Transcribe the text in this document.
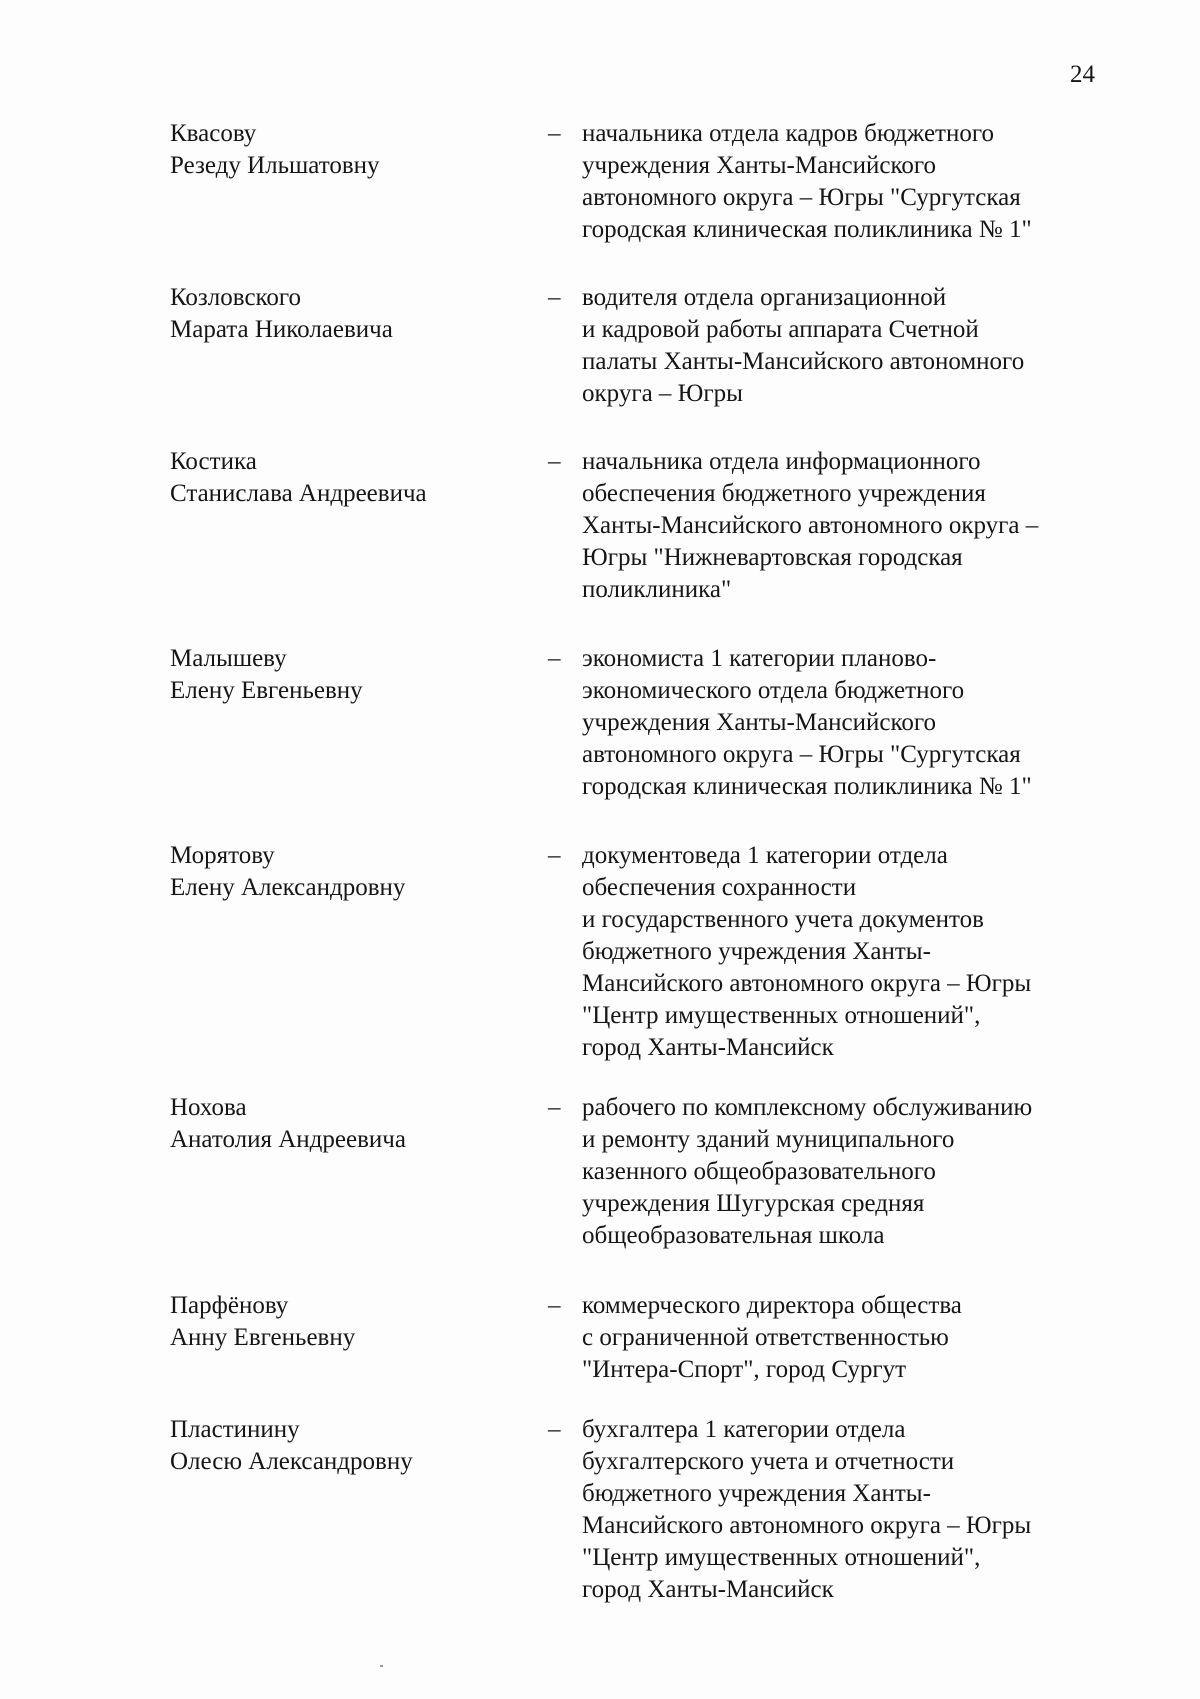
24
Квасову
Резеду Ильшатовну
– начальника отдела кадров бюджетного
учреждения Ханты-Мансийского
автономного округа – Югры "Сургутская
городская клиническая поликлиника № 1"
Козловского
Марата Николаевича
– водителя отдела организационной
и кадровой работы аппарата Счетной
палаты Ханты-Мансийского автономного
округа – Югры
Костика
Станислава Андреевича
– начальника отдела информационного
обеспечения бюджетного учреждения
Ханты-Мансийского автономного округа –
Югры "Нижневартовская городская
поликлиника"
Малышеву
Елену Евгеньевну
– экономиста 1 категории планово-
экономического отдела бюджетного
учреждения Ханты-Мансийского
автономного округа – Югры "Сургутская
городская клиническая поликлиника № 1"
Морятову
Елену Александровну
– документоведа 1 категории отдела
обеспечения сохранности
и государственного учета документов
бюджетного учреждения Ханты-
Мансийского автономного округа – Югры
"Центр имущественных отношений",
город Ханты-Мансийск
Нохова
Анатолия Андреевича
– рабочего по комплексному обслуживанию
и ремонту зданий муниципального
казенного общеобразовательного
учреждения Шугурская средняя
общеобразовательная школа
Парфёнову
Анну Евгеньевну
– коммерческого директора общества
с ограниченной ответственностью
"Интера-Спорт", город Сургут
Пластинину
Олесю Александровну
– бухгалтера 1 категории отдела
бухгалтерского учета и отчетности
бюджетного учреждения Ханты-
Мансийского автономного округа – Югры
"Центр имущественных отношений",
город Ханты-Мансийск
